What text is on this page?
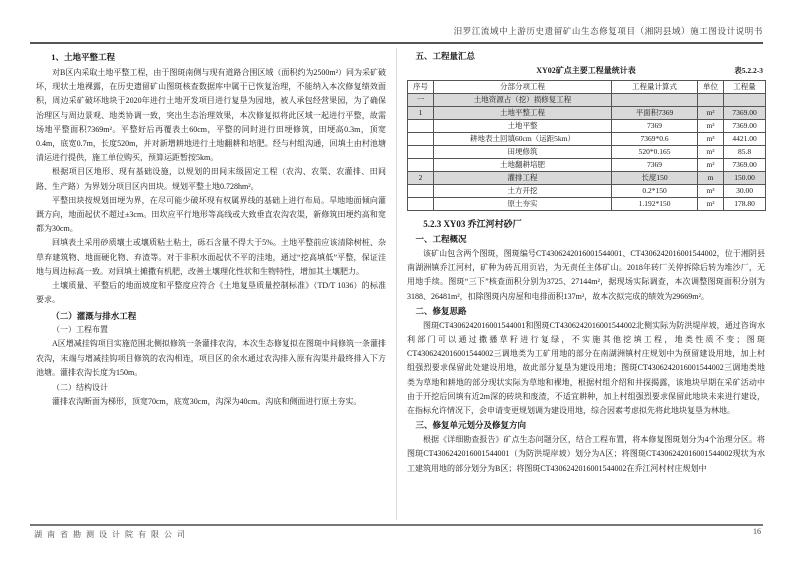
汨罗江流域中上游历史遗留矿山生态修复项目（湘阴县域）施工图设计说明书
1、土地平整工程

对B区内采取土地平整工程，由于图斑南侧与现有道路合围区域（面积约为2500m²）同为采矿破坏，现状土地裸露，在历史遗留矿山图斑核查数据库中属于已恢复治理，不能纳入本次修复绩效面积，周边采矿破坏地块于2020年进行土地开发项目进行复垦为园地，被人承包经营果园，为了确保治理区与周边景观、地类协调一致，突出生态治理效果，本次修复拟将此区域一起进行平整，故需场地平整面积7369m²。平整好后再覆表土60cm，平整的同时进行田埂修筑，田埂高0.3m，顶宽0.4m，底宽0.7m，长度520m，并对新增耕地进行土地翻耕和培肥。经与村组沟通，回填土由村池塘清运进行提供，施工单位购买，预算运距暂按5km。

根据项目区地形、现有基础设施，以规划的田间末级固定工程（农沟、农渠、农灌排、田间路、生产路）为界划分项目区内田块。规划平整土地0.728hm²。

平整田块按规划田埂为界，在尽可能少破坏现有权属界线的基础上进行布局。旱地地面倾向灌溉方向，地面起伏不超过±3cm。田坎应平行地形等高线或大致垂直农沟农渠，新修筑田埂约高和宽都为30cm。

回填表土采用砂质壤土或壤质粘土粘土，砾石含量不得大于5%。土地平整前应该清除树桩、杂草弃建筑物、地面硬化物、弃渣等。对于非积水面起伏不平的洼地，通过“挖高填低”平整，保证洼地与周边标高一致。对回填土摊撒有机肥，改善土壤理化性状和生物特性，增加其土壤肥力。

土壤质量、平整后的地面坡度和平整度应符合《土地复垦质量控制标准》（TD/T 1036）的标准要求。

（二）灌溉与排水工程
（一）工程布置

A区增减挂钩项目实施范围北侧拟修筑一条灌排农沟，本次生态修复拟在图斑中间修筑一条灌排农沟，末端与增减挂钩项目修筑的农沟相连，项目区的余水通过农沟排入原有沟渠并最终排入下方池塘。灌排农沟长度为150m。

（二）结构设计

灌排农沟断面为梯形，顶宽70cm，底宽30cm，沟深为40cm。沟底和侧面进行原土夯实。

五、工程量汇总
XY02矿点主要工程量统计表	表5.2.2-3
序号	分部分项工程	工程量计算式	单位	工程量
一	土地资源占（挖）损修复工程			
1	土地平整工程	平面积7369	m²	7369.00
	土地平整	7369	m²	7369.00
	耕地表土回填60cm（运距5km）	7369*0.6	m³	4421.00
	田埂修筑	520*0.165	m³	85.8
	土地翻耕培肥	7369	m²	7369.00
2	灌排工程	长度150	m	150.00
	土方开挖	0.2*150	m³	30.00
	原土夯实	1.192*150	m²	178.80
5.2.3 XY03 乔江河村砂厂
一、工程概况

该矿山包含两个图斑，图斑编号CT4306242016001544001、CT4306242016001544002，位于湘阴县南湖洲镇乔江河村，矿种为砖瓦用页岩，为无责任主体矿山。2018年砖厂关停拆除后转为堆沙厂，无用地手续。图斑“三下”核查面积分别为3725、27144m²，据现场实际调查，本次调整图斑面积分别为3188、26481m²，扣除图斑内房屋和电排面积137m²，故本次拟完成的绩效为29669m²。

二、修复思路

图斑CT4306242016001544001和图斑CT4306242016001544002北侧实际为防洪堤岸坡，通过咨询水利部门可以通过撒播草籽进行复绿，不实施其他挖填工程，地类性质不变；图斑CT4306242016001544002三调地类为工矿用地的部分在南湖洲镇村庄规划中为预留建设用地，加上村组强烈要求保留此处建设用地，故此部分复垦为建设用地；图斑CT4306242016001544002三调地类地类为草地和耕地的部分现状实际为草地和裸地，根据村组介绍和井探揭露，该地块早期在采矿活动中由于开挖后回填有近2m深的砖块和废渣，不适宜耕种，加上村组强烈要求保留此地块未来进行建设，在指标允许情况下，会申请变更规划调为建设用地，综合因素考虑拟先将此地块复垦为林地。

三、修复单元划分及修复方向

根据《详细勘查报告》矿点生态问题分区，结合工程布置，将本修复图斑划分为4个治理分区。将图斑CT4306242016001544001（为防洪堤岸坡）划分为A区；将图斑CT4306242016001544002现状为水工建筑用地的部分划分为B区；将图斑CT4306242016001544002在乔江河村村庄规划中

湖南省勘测设计院有限公司	16
